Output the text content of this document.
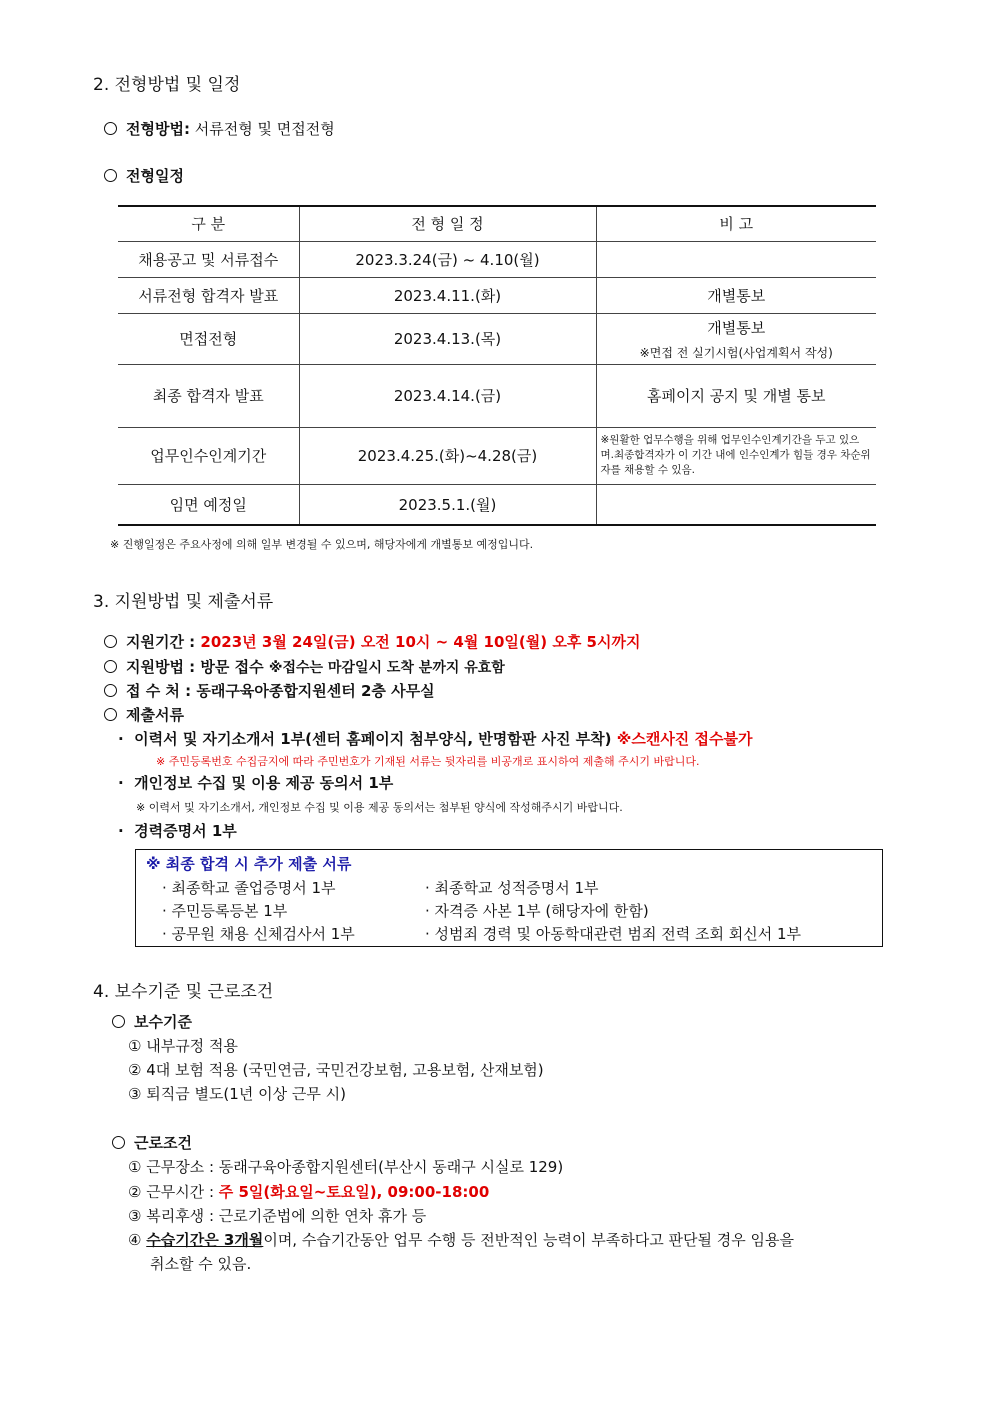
2. 전형방법 및 일정
전형방법: 서류전형 및 면접전형
전형일정
구 분	전 형 일 정	비 고
채용공고 및 서류접수	2023.3.24(금) ~ 4.10(월)	
서류전형 합격자 발표	2023.4.11.(화)	개별통보
면접전형	2023.4.13.(목)	개별통보
※면접 전 실기시험(사업계획서 작성)

최종 합격자 발표	2023.4.14.(금)	홈페이지 공지 및 개별 통보
업무인수인계기간	2023.4.25.(화)~4.28(금)	※원활한 업무수행을 위해 업무인수인계기간을 두고 있으며.최종합격자가 이 기간 내에 인수인계가 힘들 경우 차순위자를 채용할 수 있음.
임면 예정일	2023.5.1.(월)	
※ 진행일정은 주요사정에 의해 일부 변경될 수 있으며, 해당자에게 개별통보 예정입니다.
3. 지원방법 및 제출서류
지원기간 : 2023년 3월 24일(금) 오전 10시 ~ 4월 10일(월) 오후 5시까지
지원방법 : 방문 접수 ※접수는 마감일시 도착 분까지 유효함
접 수 처 : 동래구육아종합지원센터 2층 사무실
제출서류
· 이력서 및 자기소개서 1부(센터 홈페이지 첨부양식, 반명함판 사진 부착) ※스캔사진 접수불가
※ 주민등록번호 수집금지에 따라 주민번호가 기재된 서류는 뒷자리를 비공개로 표시하여 제출해 주시기 바랍니다.
· 개인정보 수집 및 이용 제공 동의서 1부
※ 이력서 및 자기소개서, 개인정보 수집 및 이용 제공 동의서는 첨부된 양식에 작성해주시기 바랍니다.
· 경력증명서 1부
※ 최종 합격 시 추가 제출 서류
· 최종학교 졸업증명서 1부
· 주민등록등본 1부
· 공무원 채용 신체검사서 1부
· 최종학교 성적증명서 1부
· 자격증 사본 1부 (해당자에 한함)
· 성범죄 경력 및 아동학대관련 범죄 전력 조회 회신서 1부
4. 보수기준 및 근로조건
보수기준
① 내부규정 적용
② 4대 보험 적용 (국민연금, 국민건강보험, 고용보험, 산재보험)
③ 퇴직금 별도(1년 이상 근무 시)
근로조건
① 근무장소 : 동래구육아종합지원센터(부산시 동래구 시실로 129)
② 근무시간 : 주 5일(화요일~토요일), 09:00-18:00
③ 복리후생 : 근로기준법에 의한 연차 휴가 등
④ 수습기간은 3개월이며, 수습기간동안 업무 수행 등 전반적인 능력이 부족하다고 판단될 경우 임용을
취소할 수 있음.
